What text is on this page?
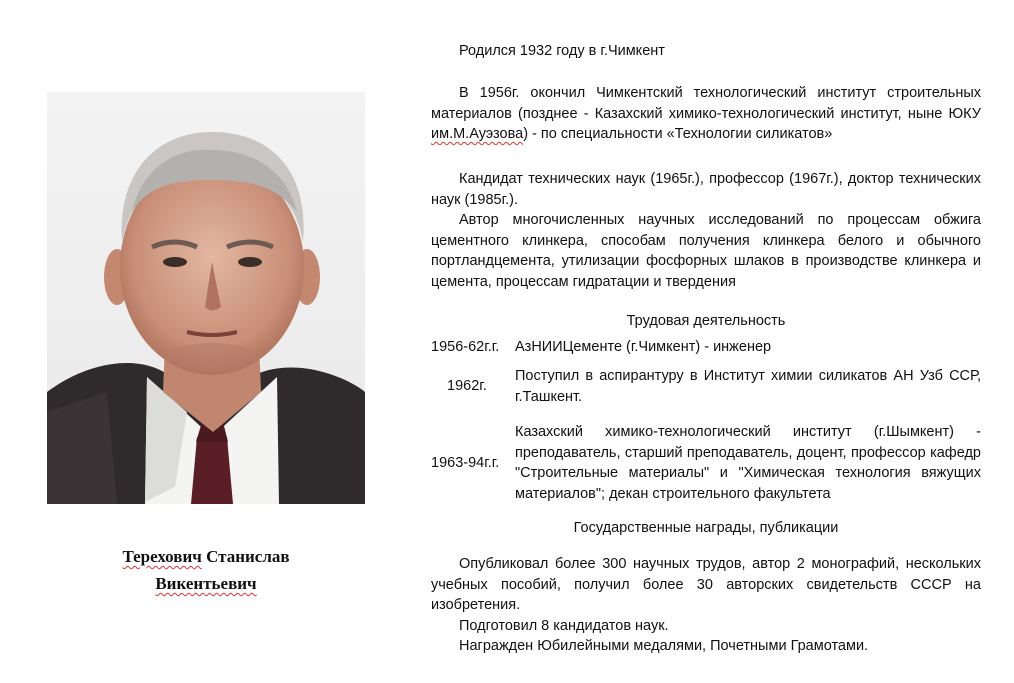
Терехович Станислав
Викентьевич
Родился 1932 году в г.Чимкент
В 1956г. окончил Чимкентский технологический институт строительных материалов (позднее - Казахский химико-технологический институт, ныне ЮКУ им.М.Ауэзова) - по специальности «Технологии силикатов»
Кандидат технических наук (1965г.), профессор (1967г.), доктор технических наук (1985г.).
Автор многочисленных научных исследований по процессам обжига цементного клинкера, способам получения клинкера белого и обычного портландцемента, утилизации фосфорных шлаков в производстве клинкера и цемента, процессам гидратации и твердения
Трудовая деятельность
1956-62г.г.	АзНИИЦементе (г.Чимкент) - инженер
1962г.
Поступил в аспирантуру в Институт химии силикатов АН Узб ССР, г.Ташкент.
1963-94г.г.
Казахский химико-технологический институт (г.Шымкент) - преподаватель, старший преподаватель, доцент, профессор кафедр "Строительные материалы" и "Химическая технология вяжущих материалов"; декан строительного факультета
Государственные награды, публикации
Опубликовал более 300 научных трудов, автор 2 монографий, нескольких учебных пособий, получил более 30 авторских свидетельств СССР на изобретения.
Подготовил 8 кандидатов наук.
Награжден Юбилейными медалями, Почетными Грамотами.
